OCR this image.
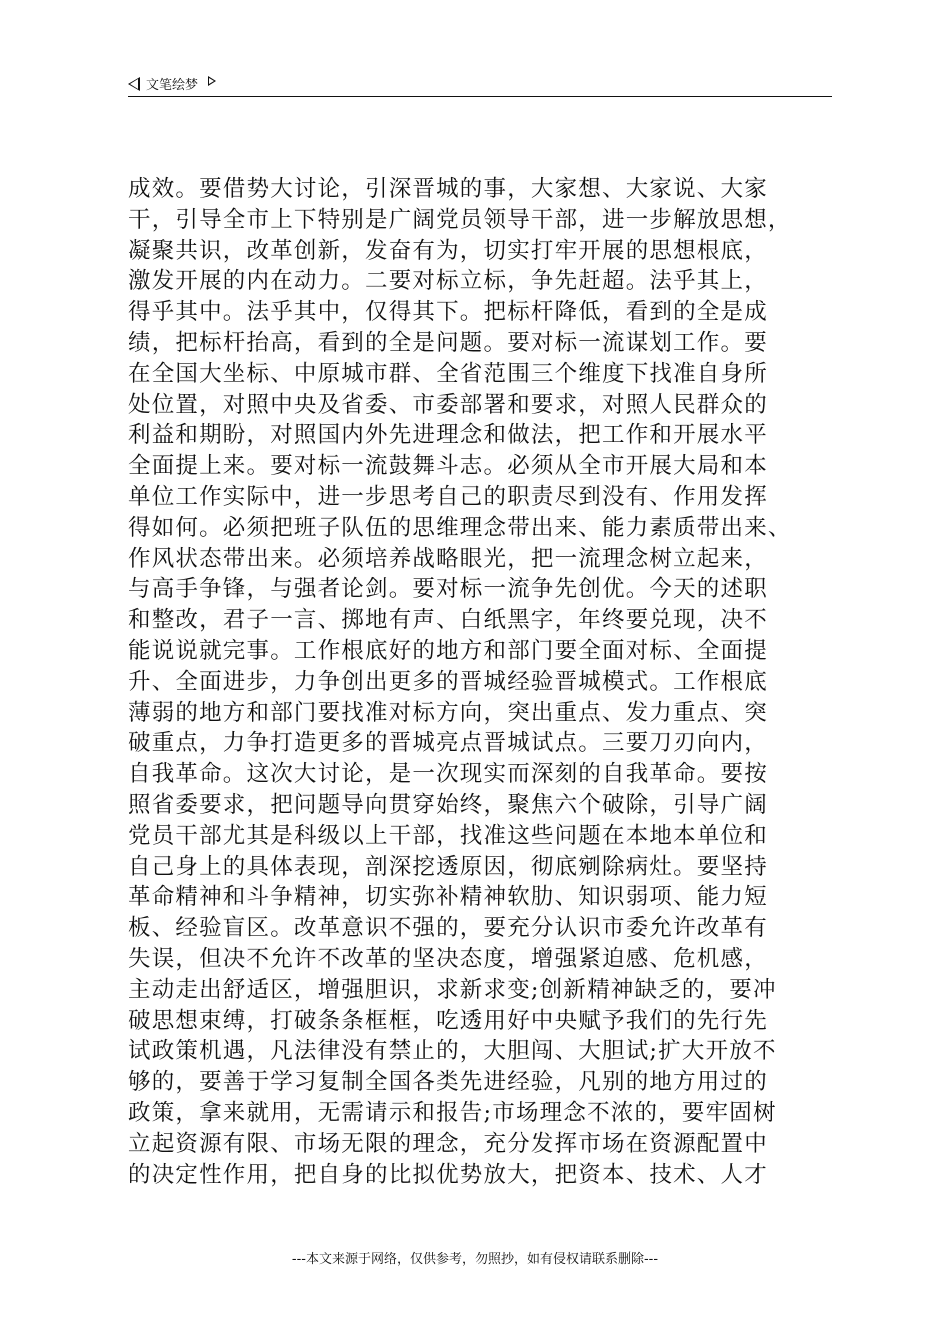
文笔绘梦
成效。要借势大讨论，引深晋城的事，大家想、大家说、大家
干，引导全市上下特别是广阔党员领导干部，进一步解放思想，
凝聚共识，改革创新，发奋有为，切实打牢开展的思想根底，
激发开展的内在动力。二要对标立标，争先赶超。法乎其上，
得乎其中。法乎其中，仅得其下。把标杆降低，看到的全是成
绩，把标杆抬高，看到的全是问题。要对标一流谋划工作。要
在全国大坐标、中原城市群、全省范围三个维度下找准自身所
处位置，对照中央及省委、市委部署和要求，对照人民群众的
利益和期盼，对照国内外先进理念和做法，把工作和开展水平
全面提上来。要对标一流鼓舞斗志。必须从全市开展大局和本
单位工作实际中，进一步思考自己的职责尽到没有、作用发挥
得如何。必须把班子队伍的思维理念带出来、能力素质带出来、
作风状态带出来。必须培养战略眼光，把一流理念树立起来，
与高手争锋，与强者论剑。要对标一流争先创优。今天的述职
和整改，君子一言、掷地有声、白纸黑字，年终要兑现，决不
能说说就完事。工作根底好的地方和部门要全面对标、全面提
升、全面进步，力争创出更多的晋城经验晋城模式。工作根底
薄弱的地方和部门要找准对标方向，突出重点、发力重点、突
破重点，力争打造更多的晋城亮点晋城试点。三要刀刃向内，
自我革命。这次大讨论，是一次现实而深刻的自我革命。要按
照省委要求，把问题导向贯穿始终，聚焦六个破除，引导广阔
党员干部尤其是科级以上干部，找准这些问题在本地本单位和
自己身上的具体表现，剖深挖透原因，彻底剜除病灶。要坚持
革命精神和斗争精神，切实弥补精神软肋、知识弱项、能力短
板、经验盲区。改革意识不强的，要充分认识市委允许改革有
失误，但决不允许不改革的坚决态度，增强紧迫感、危机感，
主动走出舒适区，增强胆识，求新求变;创新精神缺乏的，要冲
破思想束缚，打破条条框框，吃透用好中央赋予我们的先行先
试政策机遇，凡法律没有禁止的，大胆闯、大胆试;扩大开放不
够的，要善于学习复制全国各类先进经验，凡别的地方用过的
政策，拿来就用，无需请示和报告;市场理念不浓的，要牢固树
立起资源有限、市场无限的理念，充分发挥市场在资源配置中
的决定性作用，把自身的比拟优势放大，把资本、技术、人才
---本文来源于网络，仅供参考，勿照抄，如有侵权请联系删除---
